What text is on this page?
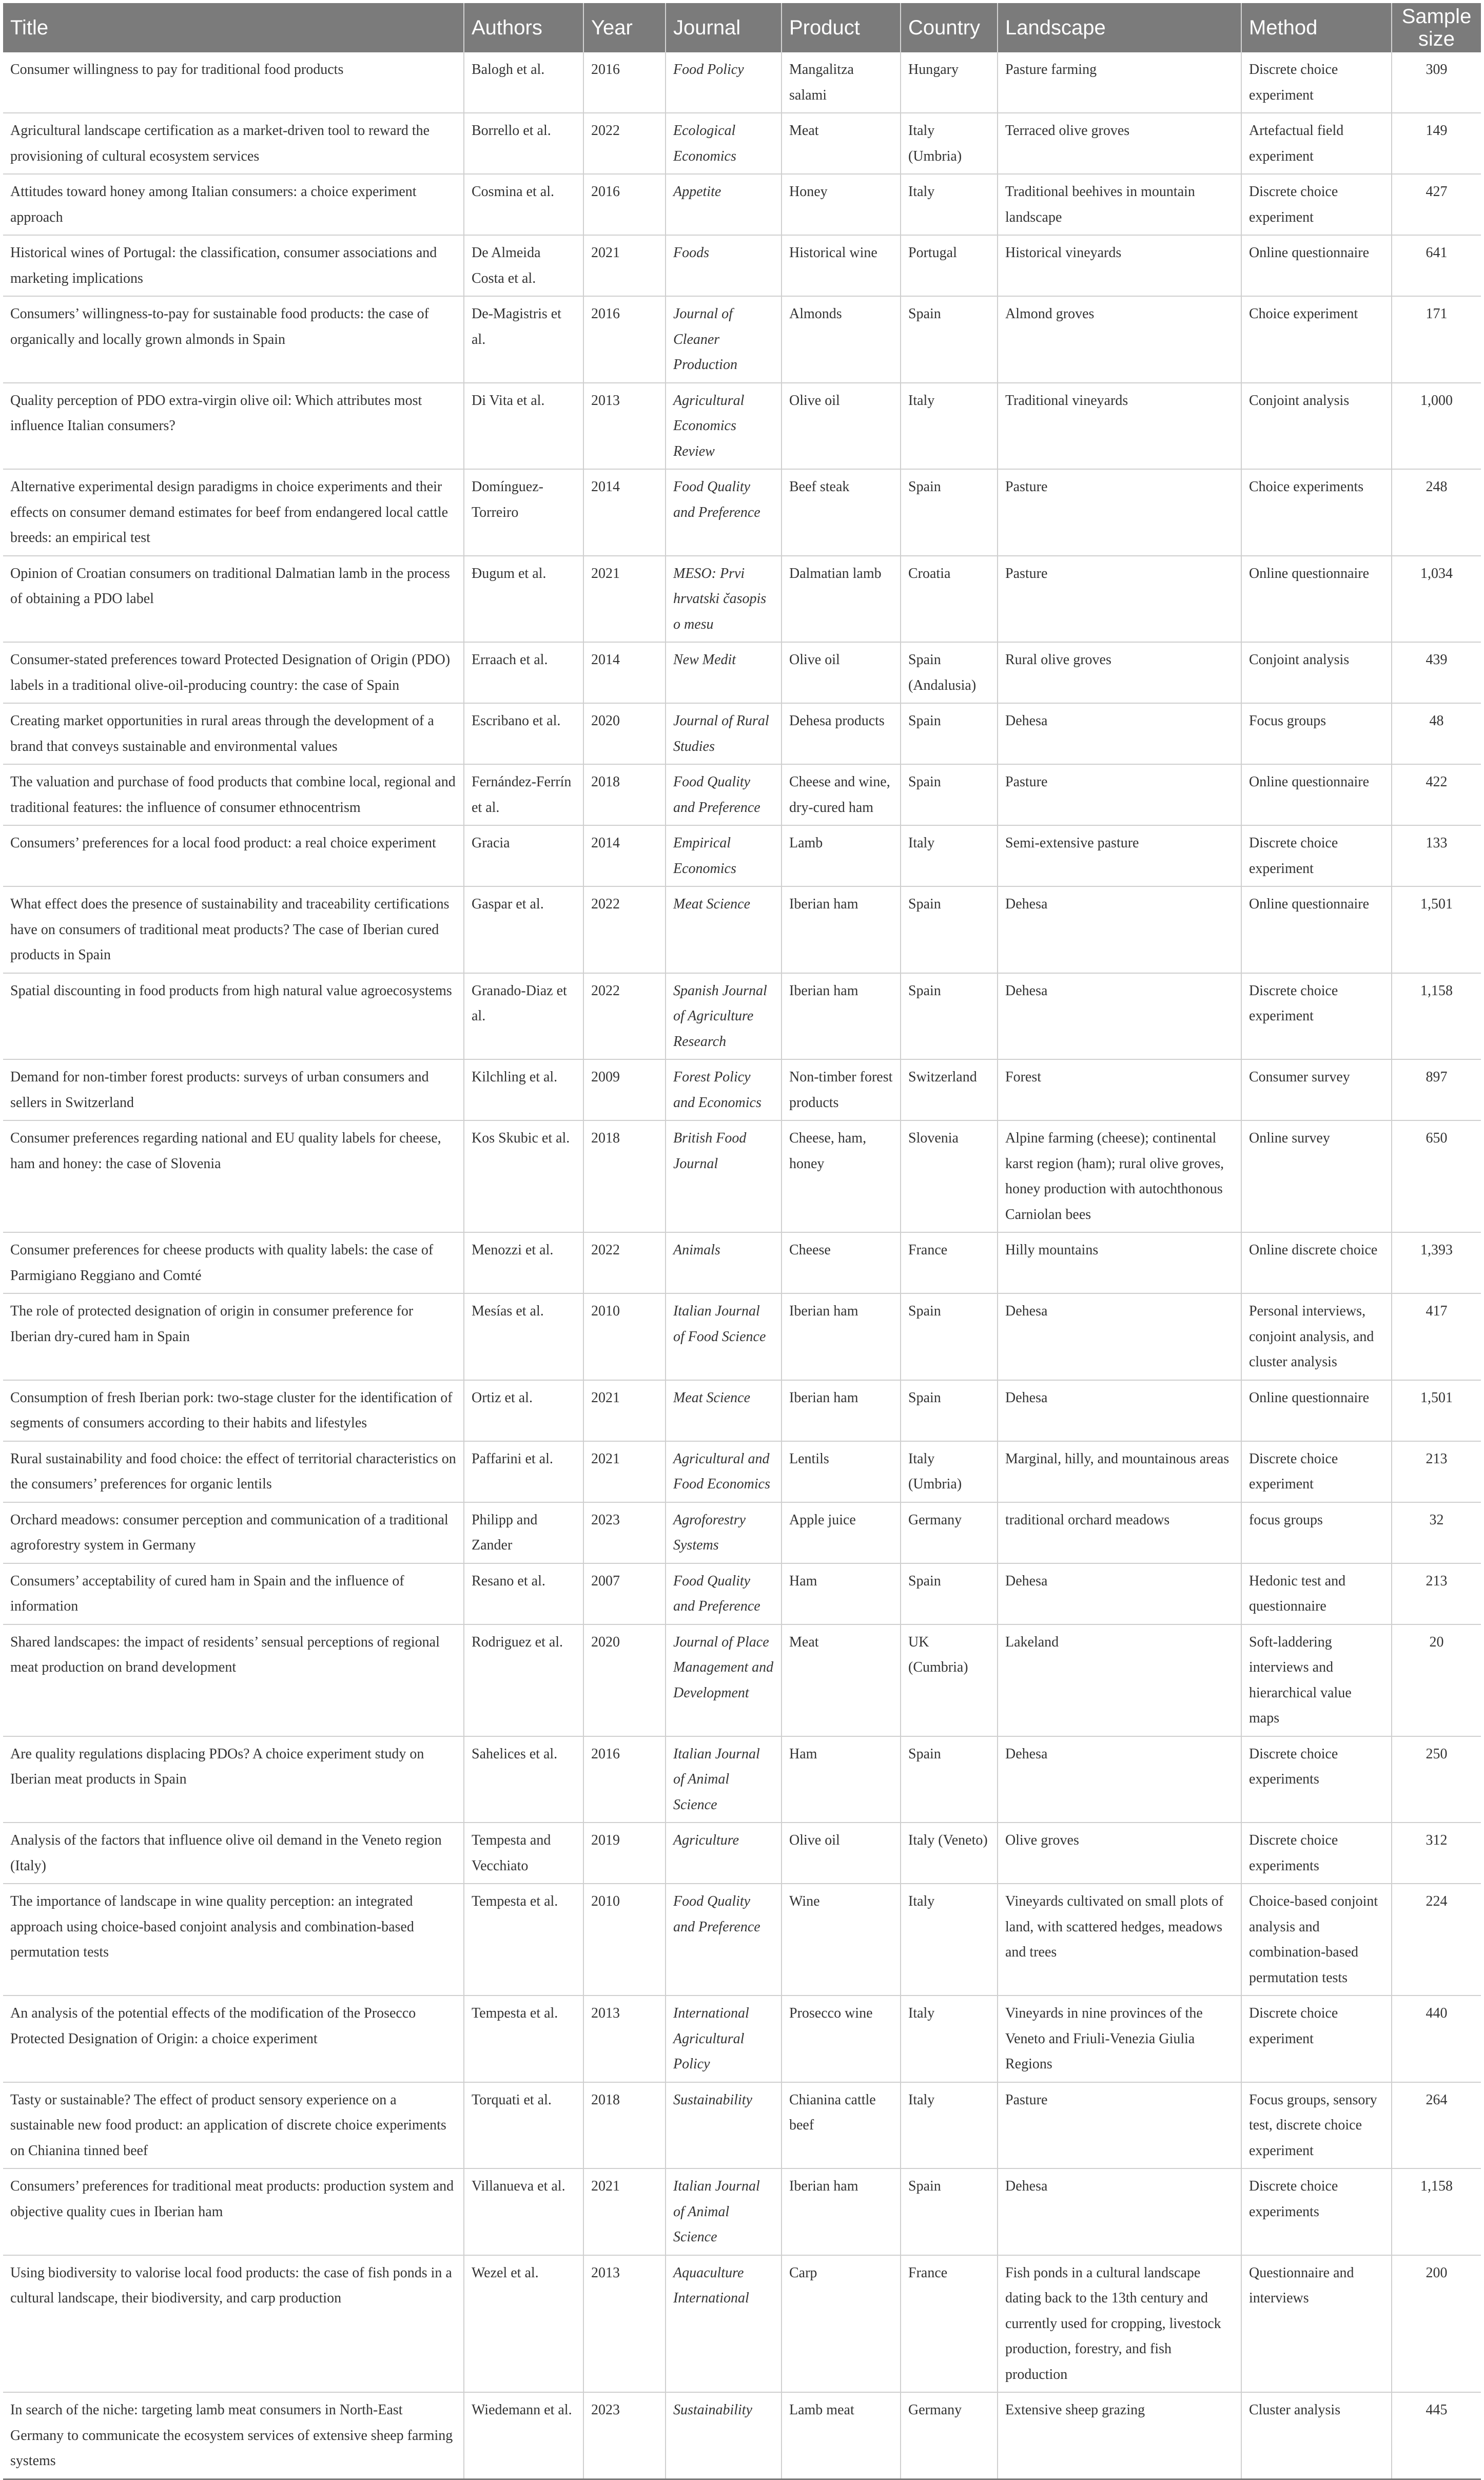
Title	Authors	Year	Journal	Product	Country	Landscape	Method	Sample size
Consumer willingness to pay for traditional food products	Balogh et al.	2016	Food Policy	Mangalitza salami	Hungary	Pasture farming	Discrete choice experiment	309
Agricultural landscape certification as a market-driven tool to reward the provisioning of cultural ecosystem services	Borrello et al.	2022	Ecological Economics	Meat	Italy (Umbria)	Terraced olive groves	Artefactual field experiment	149
Attitudes toward honey among Italian consumers: a choice experiment approach	Cosmina et al.	2016	Appetite	Honey	Italy	Traditional beehives in mountain landscape	Discrete choice experiment	427
Historical wines of Portugal: the classification, consumer associations and marketing implications	De Almeida Costa et al.	2021	Foods	Historical wine	Portugal	Historical vineyards	Online questionnaire	641
Consumers’ willingness-to-pay for sustainable food products: the case of organically and locally grown almonds in Spain	De-Magistris et al.	2016	Journal of Cleaner Production	Almonds	Spain	Almond groves	Choice experiment	171
Quality perception of PDO extra-virgin olive oil: Which attributes most influence Italian consumers?	Di Vita et al.	2013	Agricultural Economics Review	Olive oil	Italy	Traditional vineyards	Conjoint analysis	1,000
Alternative experimental design paradigms in choice experiments and their effects on consumer demand estimates for beef from endangered local cattle breeds: an empirical test	Domínguez-Torreiro	2014	Food Quality and Preference	Beef steak	Spain	Pasture	Choice experiments	248
Opinion of Croatian consumers on traditional Dalmatian lamb in the process of obtaining a PDO label	Đugum et al.	2021	MESO: Prvi hrvatski časopis o mesu	Dalmatian lamb	Croatia	Pasture	Online questionnaire	1,034
Consumer-stated preferences toward Protected Designation of Origin (PDO) labels in a traditional olive-oil-producing country: the case of Spain	Erraach et al.	2014	New Medit	Olive oil	Spain (Andalusia)	Rural olive groves	Conjoint analysis	439
Creating market opportunities in rural areas through the development of a brand that conveys sustainable and environmental values	Escribano et al.	2020	Journal of Rural Studies	Dehesa products	Spain	Dehesa	Focus groups	48
The valuation and purchase of food products that combine local, regional and traditional features: the influence of consumer ethnocentrism	Fernández-Ferrín et al.	2018	Food Quality and Preference	Cheese and wine, dry-cured ham	Spain	Pasture	Online questionnaire	422
Consumers’ preferences for a local food product: a real choice experiment	Gracia	2014	Empirical Economics	Lamb	Italy	Semi-extensive pasture	Discrete choice experiment	133
What effect does the presence of sustainability and traceability certifications have on consumers of traditional meat products? The case of Iberian cured products in Spain	Gaspar et al.	2022	Meat Science	Iberian ham	Spain	Dehesa	Online questionnaire	1,501
Spatial discounting in food products from high natural value agroecosystems	Granado-Diaz et al.	2022	Spanish Journal of Agriculture Research	Iberian ham	Spain	Dehesa	Discrete choice experiment	1,158
Demand for non-timber forest products: surveys of urban consumers and sellers in Switzerland	Kilchling et al.	2009	Forest Policy and Economics	Non-timber forest products	Switzerland	Forest	Consumer survey	897
Consumer preferences regarding national and EU quality labels for cheese, ham and honey: the case of Slovenia	Kos Skubic et al.	2018	British Food Journal	Cheese, ham, honey	Slovenia	Alpine farming (cheese); continental karst region (ham); rural olive groves, honey production with autochthonous Carniolan bees	Online survey	650
Consumer preferences for cheese products with quality labels: the case of Parmigiano Reggiano and Comté	Menozzi et al.	2022	Animals	Cheese	France	Hilly mountains	Online discrete choice	1,393
The role of protected designation of origin in consumer preference for Iberian dry-cured ham in Spain	Mesías et al.	2010	Italian Journal of Food Science	Iberian ham	Spain	Dehesa	Personal interviews, conjoint analysis, and cluster analysis	417
Consumption of fresh Iberian pork: two-stage cluster for the identification of segments of consumers according to their habits and lifestyles	Ortiz et al.	2021	Meat Science	Iberian ham	Spain	Dehesa	Online questionnaire	1,501
Rural sustainability and food choice: the effect of territorial characteristics on the consumers’ preferences for organic lentils	Paffarini et al.	2021	Agricultural and Food Economics	Lentils	Italy (Umbria)	Marginal, hilly, and mountainous areas	Discrete choice experiment	213
Orchard meadows: consumer perception and communication of a traditional agroforestry system in Germany	Philipp and Zander	2023	Agroforestry Systems	Apple juice	Germany	traditional orchard meadows	focus groups	32
Consumers’ acceptability of cured ham in Spain and the influence of information	Resano et al.	2007	Food Quality and Preference	Ham	Spain	Dehesa	Hedonic test and questionnaire	213
Shared landscapes: the impact of residents’ sensual perceptions of regional meat production on brand development	Rodriguez et al.	2020	Journal of Place Management and Development	Meat	UK (Cumbria)	Lakeland	Soft-laddering interviews and hierarchical value maps	20
Are quality regulations displacing PDOs? A choice experiment study on Iberian meat products in Spain	Sahelices et al.	2016	Italian Journal of Animal Science	Ham	Spain	Dehesa	Discrete choice experiments	250
Analysis of the factors that influence olive oil demand in the Veneto region (Italy)	Tempesta and Vecchiato	2019	Agriculture	Olive oil	Italy (Veneto)	Olive groves	Discrete choice experiments	312
The importance of landscape in wine quality perception: an integrated approach using choice-based conjoint analysis and combination-based permutation tests	Tempesta et al.	2010	Food Quality and Preference	Wine	Italy	Vineyards cultivated on small plots of land, with scattered hedges, meadows and trees	Choice-based conjoint analysis and combination-based permutation tests	224
An analysis of the potential effects of the modification of the Prosecco Protected Designation of Origin: a choice experiment	Tempesta et al.	2013	International Agricultural Policy	Prosecco wine	Italy	Vineyards in nine provinces of the Veneto and Friuli-Venezia Giulia Regions	Discrete choice experiment	440
Tasty or sustainable? The effect of product sensory experience on a sustainable new food product: an application of discrete choice experiments on Chianina tinned beef	Torquati et al.	2018	Sustainability	Chianina cattle beef	Italy	Pasture	Focus groups, sensory test, discrete choice experiment	264
Consumers’ preferences for traditional meat products: production system and objective quality cues in Iberian ham	Villanueva et al.	2021	Italian Journal of Animal Science	Iberian ham	Spain	Dehesa	Discrete choice experiments	1,158
Using biodiversity to valorise local food products: the case of fish ponds in a cultural landscape, their biodiversity, and carp production	Wezel et al.	2013	Aquaculture International	Carp	France	Fish ponds in a cultural landscape dating back to the 13th century and currently used for cropping, livestock production, forestry, and fish production	Questionnaire and interviews	200
In search of the niche: targeting lamb meat consumers in North-East Germany to communicate the ecosystem services of extensive sheep farming systems	Wiedemann et al.	2023	Sustainability	Lamb meat	Germany	Extensive sheep grazing	Cluster analysis	445
